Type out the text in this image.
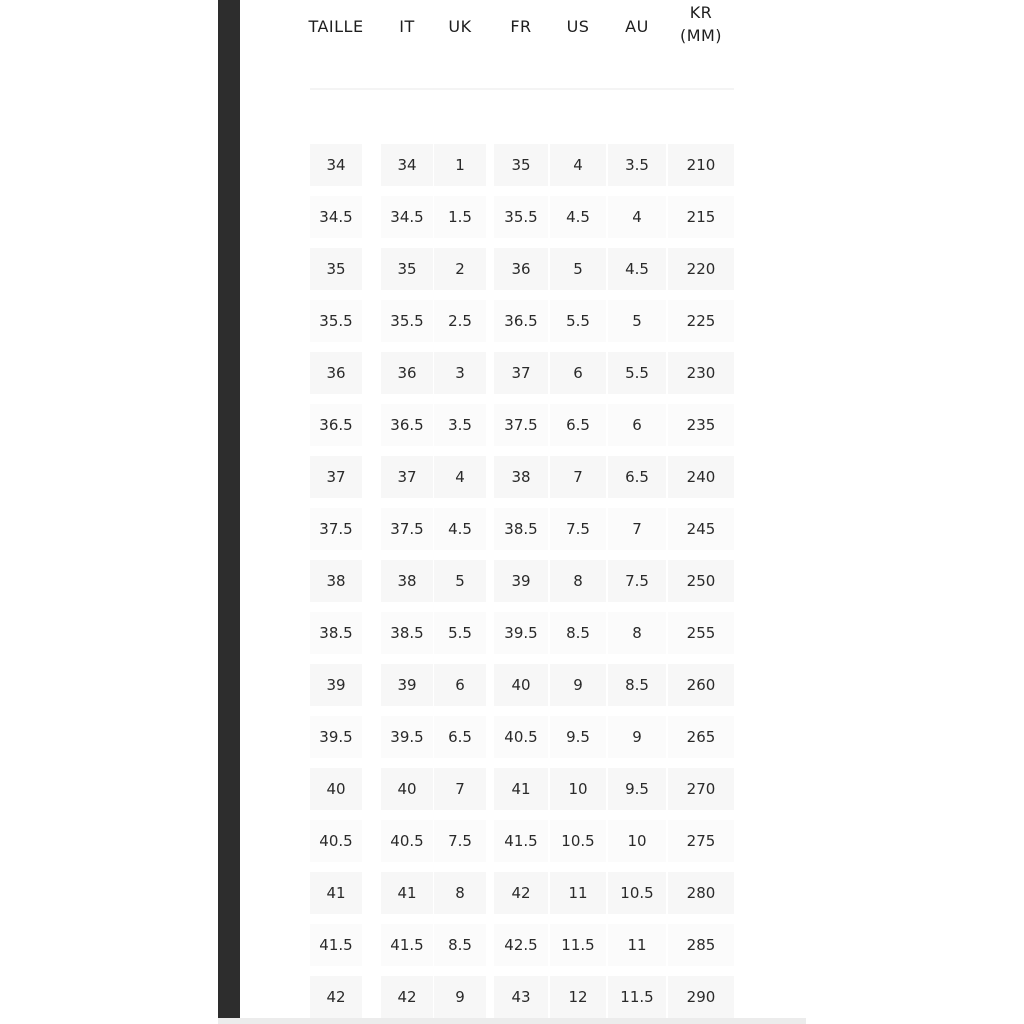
TAILLE IT UK FR US AU
KR
(MM)
34	34	1	35	4	3.5	210
34.5	34.5	1.5	35.5	4.5	4	215
35	35	2	36	5	4.5	220
35.5	35.5	2.5	36.5	5.5	5	225
36	36	3	37	6	5.5	230
36.5	36.5	3.5	37.5	6.5	6	235
37	37	4	38	7	6.5	240
37.5	37.5	4.5	38.5	7.5	7	245
38	38	5	39	8	7.5	250
38.5	38.5	5.5	39.5	8.5	8	255
39	39	6	40	9	8.5	260
39.5	39.5	6.5	40.5	9.5	9	265
40	40	7	41	10	9.5	270
40.5	40.5	7.5	41.5	10.5	10	275
41	41	8	42	11	10.5	280
41.5	41.5	8.5	42.5	11.5	11	285
42	42	9	43	12	11.5	290
